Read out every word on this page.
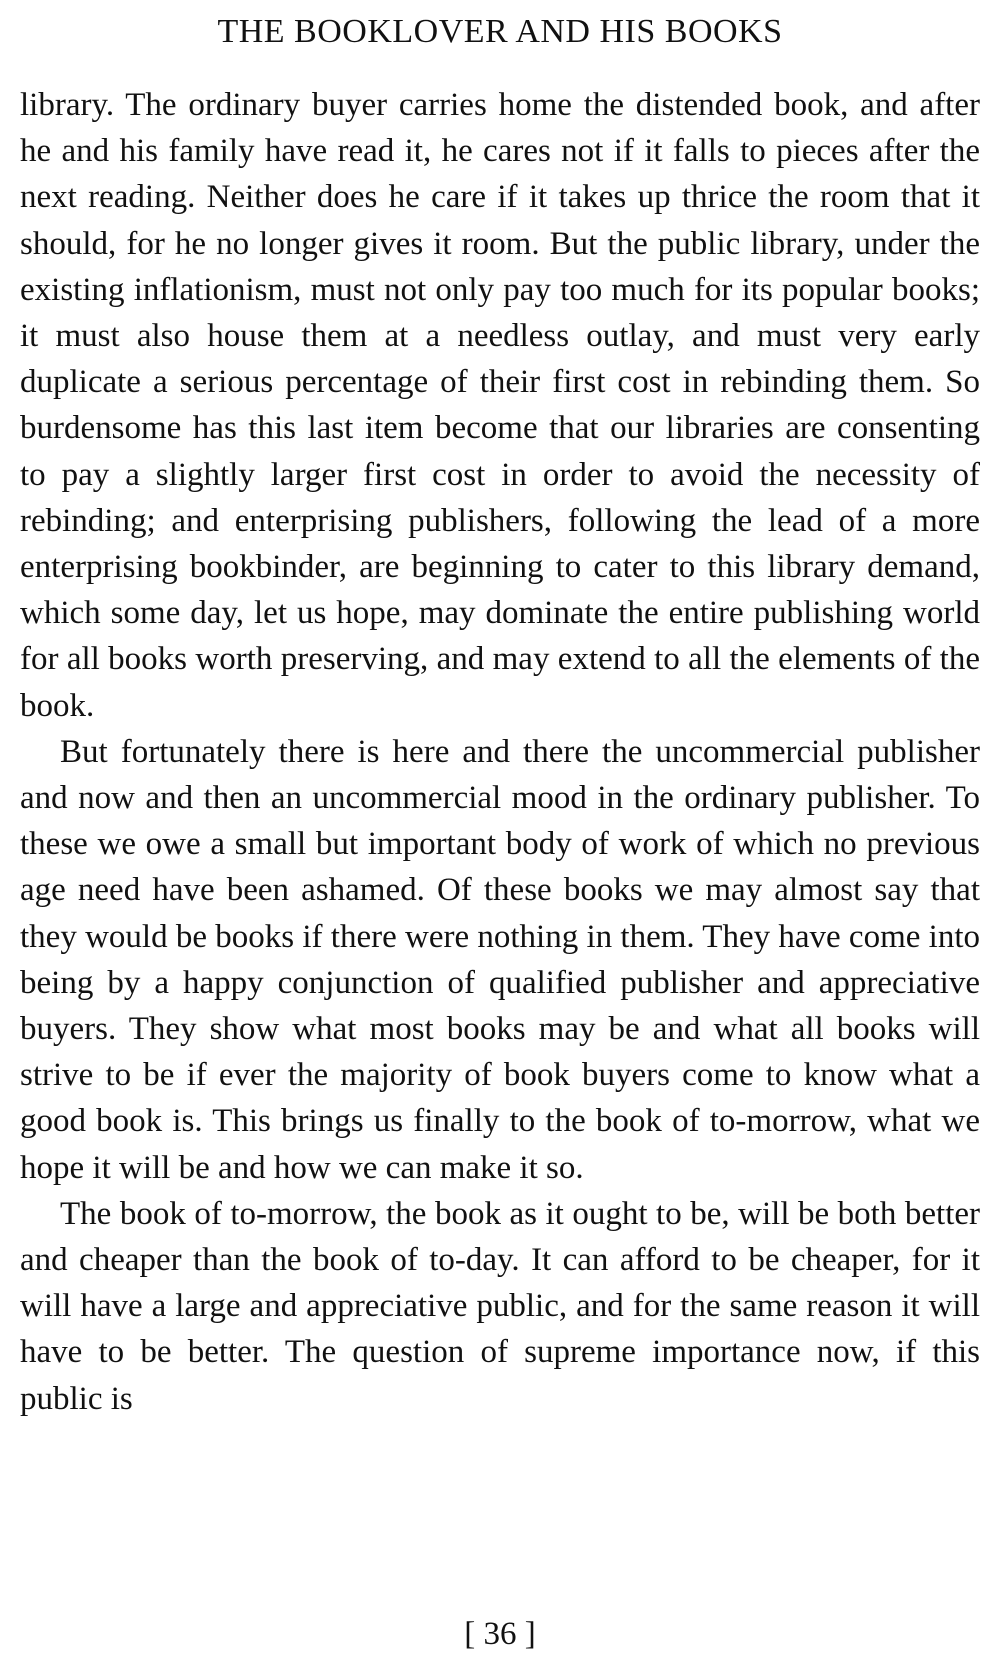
THE BOOKLOVER AND HIS BOOKS

library. The ordinary buyer carries home the distended book, and after he and his family have read it, he cares not if it falls to pieces after the next reading. Neither does he care if it takes up thrice the room that it should, for he no longer gives it room. But the public library, under the existing inflationism, must not only pay too much for its popular books; it must also house them at a needless outlay, and must very early duplicate a serious percentage of their first cost in rebinding them. So burdensome has this last item become that our libraries are consenting to pay a slightly larger first cost in order to avoid the necessity of rebinding; and enterprising publishers, following the lead of a more enterprising bookbinder, are beginning to cater to this library demand, which some day, let us hope, may dominate the entire publishing world for all books worth preserving, and may extend to all the elements of the book.

But fortunately there is here and there the uncommercial publisher and now and then an uncommercial mood in the ordinary publisher. To these we owe a small but important body of work of which no previous age need have been ashamed. Of these books we may almost say that they would be books if there were nothing in them. They have come into being by a happy conjunction of qualified publisher and appreciative buyers. They show what most books may be and what all books will strive to be if ever the majority of book buyers come to know what a good book is. This brings us finally to the book of to-morrow, what we hope it will be and how we can make it so.

The book of to-morrow, the book as it ought to be, will be both better and cheaper than the book of to-day. It can afford to be cheaper, for it will have a large and appreciative public, and for the same reason it will have to be better. The question of supreme importance now, if this public is

[ 36 ]
